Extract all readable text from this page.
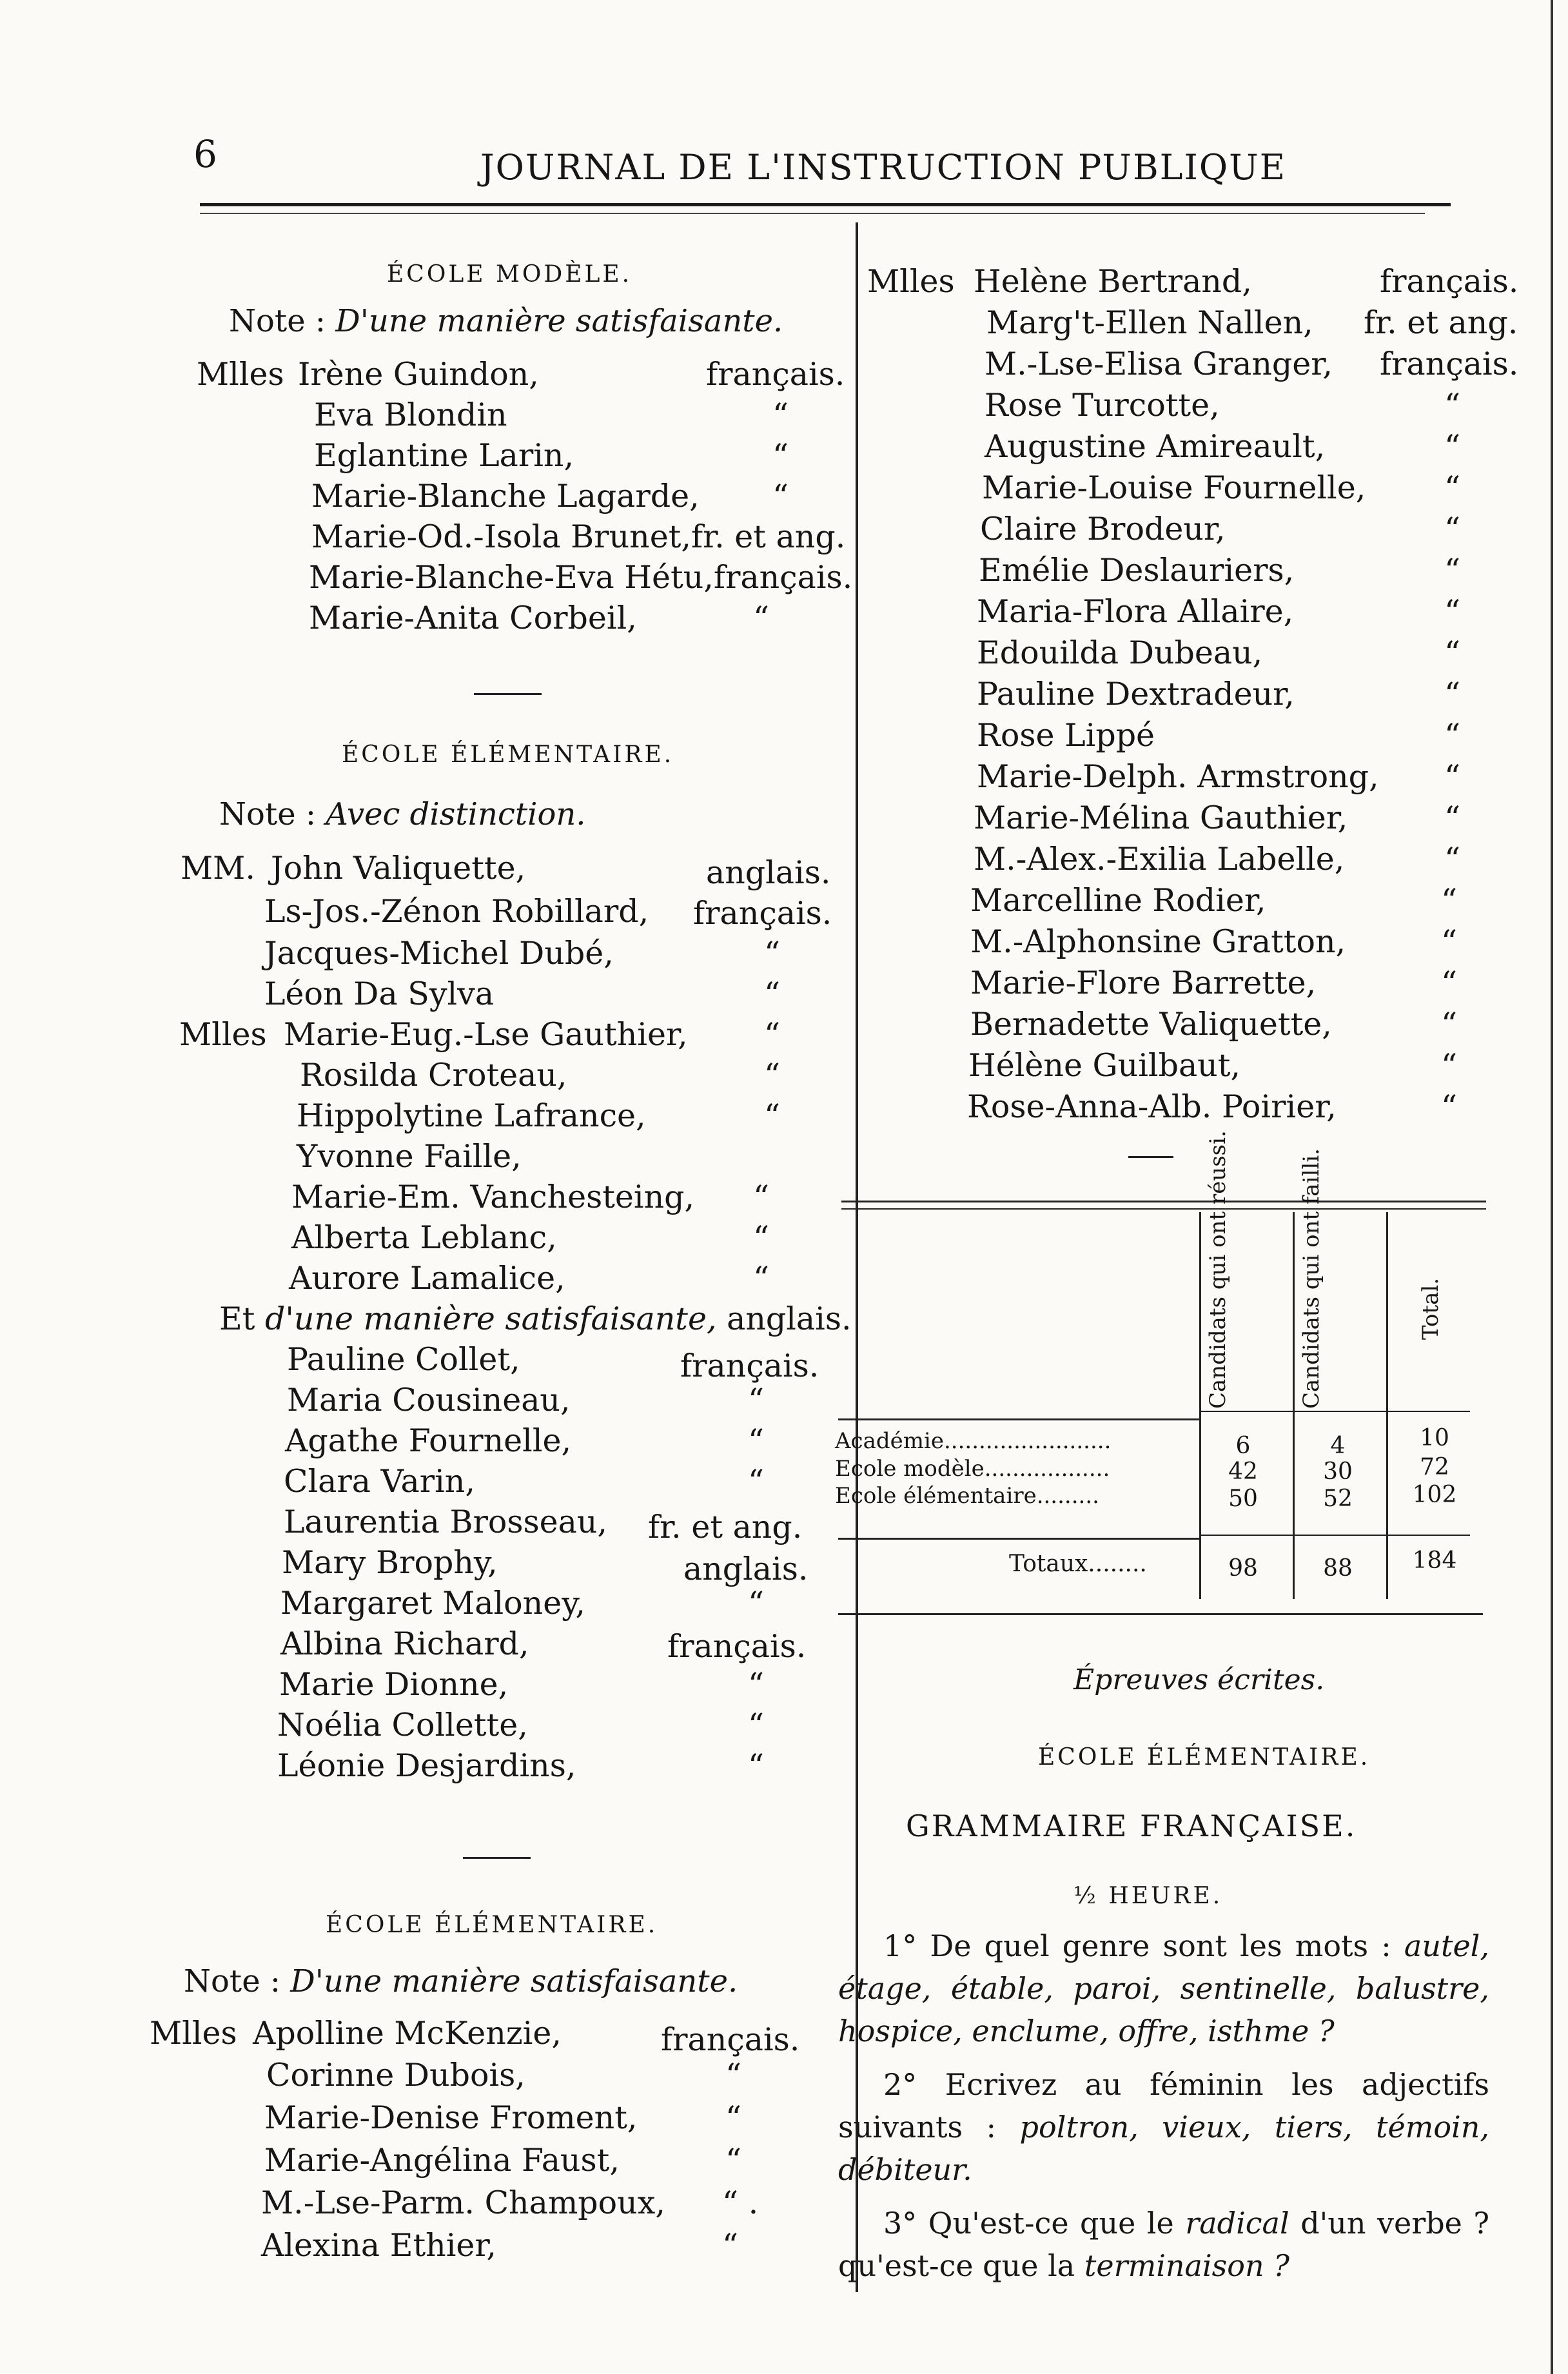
6	JOURNAL DE L'INSTRUCTION PUBLIQUE
ÉCOLE MODÈLE.
Note : D'une manière satisfaisante.
Mlles Irène Guindon,	français.
Eva Blondin	“
Eglantine Larin,	“
Marie-Blanche Lagarde, “
Marie-Od.-Isola Brunet,fr. et ang.
Marie-Blanche-Eva Hétu,français.
Marie-Anita Corbeil,	“
ÉCOLE ÉLÉMENTAIRE.
Note : Avec distinction.
MM. John Valiquette,	anglais.
Ls-Jos.-Zénon Robillard, français.
Jacques-Michel Dubé,	“
Léon Da Sylva	“
Mlles Marie-Eug.-Lse Gauthier, “
Rosilda Croteau,	“
Hippolytine Lafrance,	“
Yvonne Faille,
Marie-Em. Vanchesteing, “
Alberta Leblanc,	“
Aurore Lamalice,	“
Et d'une manière satisfaisante, anglais.
Pauline Collet,	français.
Maria Cousineau,	“
Agathe Fournelle,	“
Clara Varin,	“
Laurentia Brosseau, fr. et ang.
Mary Brophy,	anglais.
Margaret Maloney,	“
Albina Richard,	français.
Marie Dionne,	“
Noélia Collette,	“
Léonie Desjardins,	“
ÉCOLE ÉLÉMENTAIRE.
Note : D'une manière satisfaisante.
Mlles Apolline McKenzie,	français.
Corinne Dubois,	“
Marie-Denise Froment,	“
Marie-Angélina Faust,	“
M.-Lse-Parm. Champoux, “ .
Alexina Ethier,	“
Mlles Helène Bertrand,	français.
Marg't-Ellen Nallen, fr. et ang.
M.-Lse-Elisa Granger, français.
Rose Turcotte,	“
Augustine Amireault,	“
Marie-Louise Fournelle, “
Claire Brodeur,	“
Emélie Deslauriers,	“
Maria-Flora Allaire,	“
Edouilda Dubeau,	“
Pauline Dextradeur,	“
Rose Lippé	“
Marie-Delph. Armstrong, “
Marie-Mélina Gauthier,	“
M.-Alex.-Exilia Labelle,	“
Marcelline Rodier,	“
M.-Alphonsine Gratton,	“
Marie-Flore Barrette,	“
Bernadette Valiquette,	“
Hélène Guilbaut,	“
Rose-Anna-Alb. Poirier,	“
Candidats qui ont réussi.	Candidats qui ont failli.	Total.
Académie........................	6	4	10
Ecole modèle..................	42	30	72
Ecole élémentaire.........	50	52	102
Totaux........	98	88	184
Épreuves écrites.
ÉCOLE ÉLÉMENTAIRE.
GRAMMAIRE FRANÇAISE.
½ HEURE.
1° De quel genre sont les mots : autel, étage, étable, paroi, sentinelle, balustre, hospice, enclume, offre, isthme ?
2° Ecrivez au féminin les adjectifs suivants : poltron, vieux, tiers, témoin, débiteur.
3° Qu'est-ce que le radical d'un verbe ? qu'est-ce que la terminaison ?
